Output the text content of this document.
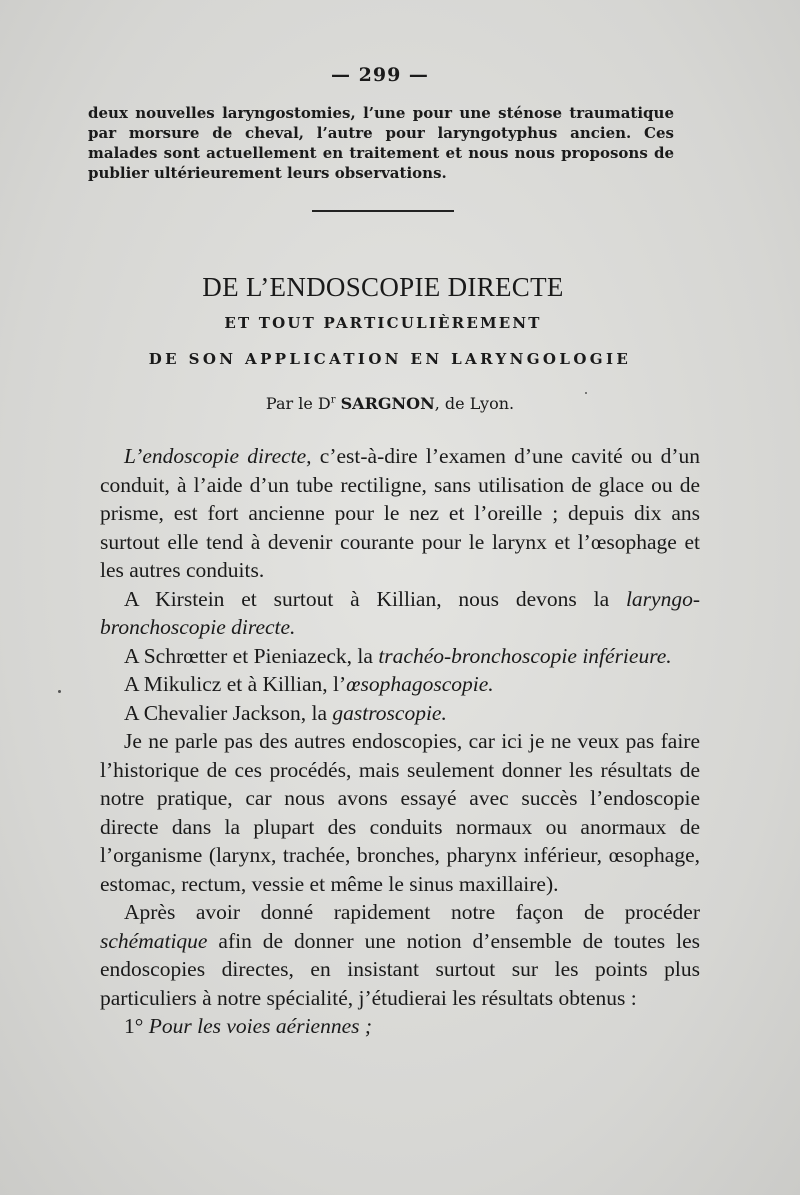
— 299 —

deux nouvelles laryngostomies, l’une pour une sténose traumatique par morsure de cheval, l’autre pour laryngotyphus ancien. Ces malades sont actuellement en traitement et nous nous proposons de publier ultérieurement leurs observations.

DE L’ENDOSCOPIE DIRECTE
ET TOUT PARTICULIÈREMENT
DE SON APPLICATION EN LARYNGOLOGIE
Par le $D^r$ SARGNON, de Lyon.

L’endoscopie directe, c’est-à-dire l’examen d’une cavité ou d’un conduit, à l’aide d’un tube rectiligne, sans utilisation de glace ou de prisme, est fort ancienne pour le nez et l’oreille ; depuis dix ans surtout elle tend à devenir courante pour le larynx et l’œsophage et les autres conduits.

A Kirstein et surtout à Killian, nous devons la laryngo-bronchoscopie directe.

A Schrœtter et Pieniazeck, la trachéo-bronchoscopie inférieure.

A Mikulicz et à Killian, l’œsophagoscopie.

A Chevalier Jackson, la gastroscopie.

Je ne parle pas des autres endoscopies, car ici je ne veux pas faire l’historique de ces procédés, mais seulement donner les résultats de notre pratique, car nous avons essayé avec succès l’endoscopie directe dans la plupart des conduits normaux ou anormaux de l’organisme (larynx, trachée, bronches, pharynx inférieur, œsophage, estomac, rectum, vessie et même le sinus maxillaire).

Après avoir donné rapidement notre façon de procéder schématique afin de donner une notion d’ensemble de toutes les endoscopies directes, en insistant surtout sur les points plus particuliers à notre spécialité, j’étudierai les résultats obtenus :

1° Pour les voies aériennes ;
